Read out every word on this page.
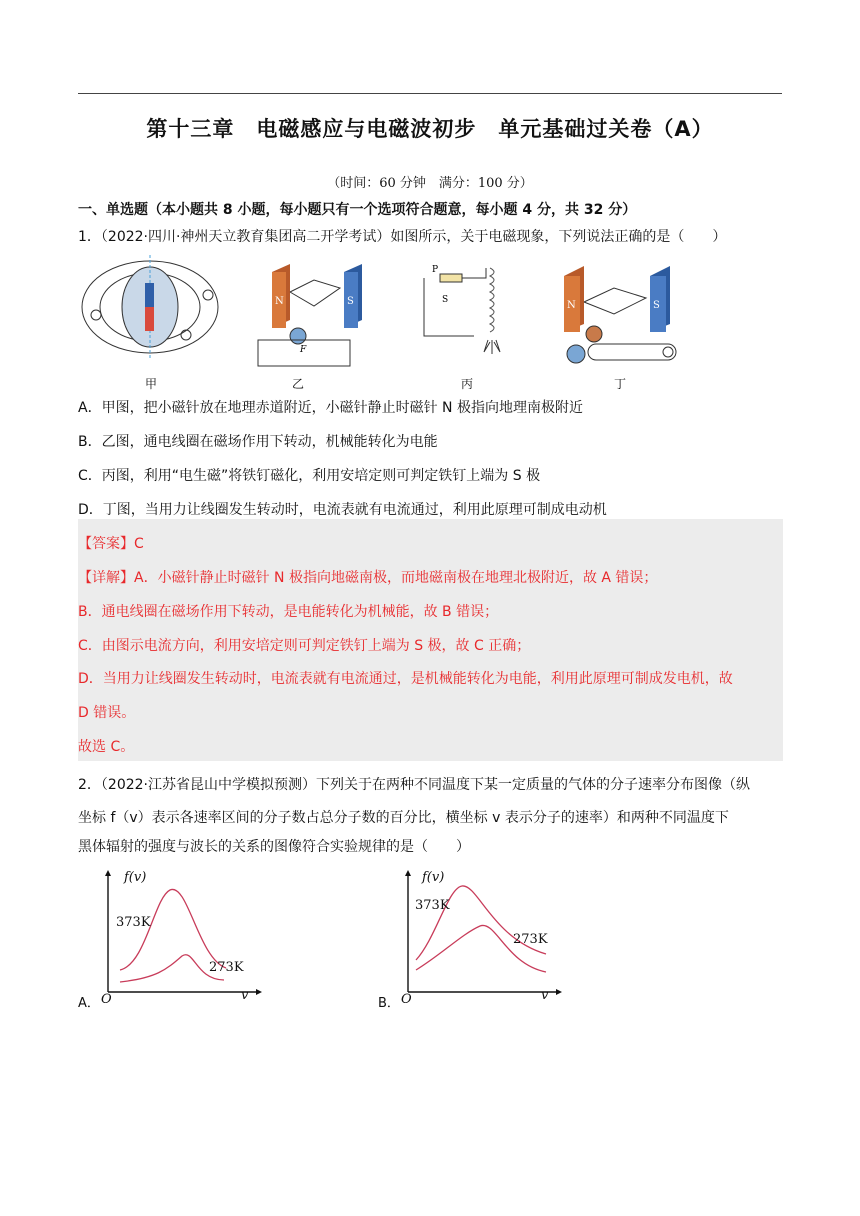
第十三章　电磁感应与电磁波初步　单元基础过关卷（A）
（时间：60 分钟　满分：100 分）
一、单选题（本小题共 8 小题，每小题只有一个选项符合题意，每小题 4 分，共 32 分）
1．（2022·四川·神州天立教育集团高二开学考试）如图所示，关于电磁现象，下列说法正确的是（　　）
甲
N	S
F
乙
P
S
丙
N	S
丁
A．甲图，把小磁针放在地理赤道附近，小磁针静止时磁针 N 极指向地理南极附近
B．乙图，通电线圈在磁场作用下转动，机械能转化为电能
C．丙图，利用“电生磁”将铁钉磁化，利用安培定则可判定铁钉上端为 S 极
D．丁图，当用力让线圈发生转动时，电流表就有电流通过，利用此原理可制成电动机
【答案】C
【详解】A．小磁针静止时磁针 N 极指向地磁南极，而地磁南极在地理北极附近，故 A 错误；
B．通电线圈在磁场作用下转动，是电能转化为机械能，故 B 错误；
C．由图示电流方向，利用安培定则可判定铁钉上端为 S 极，故 C 正确；
D．当用力让线圈发生转动时，电流表就有电流通过，是机械能转化为电能，利用此原理可制成发电机，故
D 错误。
故选 C。
2．（2022·江苏省昆山中学模拟预测）下列关于在两种不同温度下某一定质量的气体的分子速率分布图像（纵
坐标 f（v）表示各速率区间的分子数占总分子数的百分比，横坐标 v 表示分子的速率）和两种不同温度下
黑体辐射的强度与波长的关系的图像符合实验规律的是（　　）
A．
f(v)
373K
273K
O	v
B．
f(v)
373K
273K
O	v
